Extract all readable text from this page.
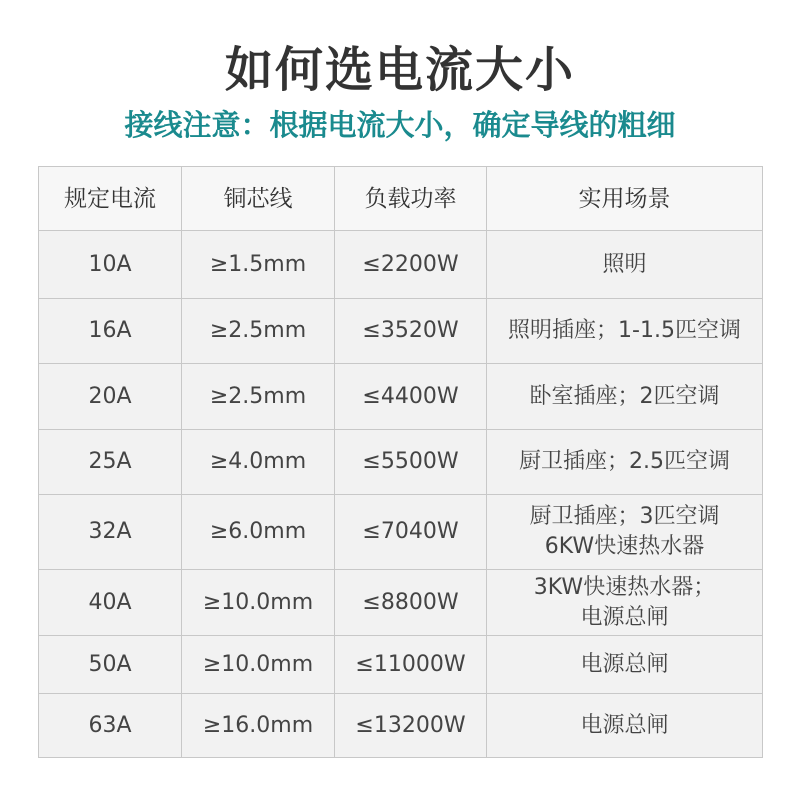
如何选电流大小
接线注意：根据电流大小，确定导线的粗细
规定电流	铜芯线	负载功率	实用场景
10A	≥1.5mm	≤2200W	照明

16A	≥2.5mm	≤3520W	照明插座；1-1.5匹空调

20A	≥2.5mm	≤4400W	卧室插座；2匹空调

25A	≥4.0mm	≤5500W	厨卫插座；2.5匹空调

32A	≥6.0mm	≤7040W	厨卫插座；3匹空调
6KW快速热水器

40A	≥10.0mm	≤8800W	3KW快速热水器；
电源总闸

50A	≥10.0mm	≤11000W	电源总闸

63A	≥16.0mm	≤13200W	电源总闸
